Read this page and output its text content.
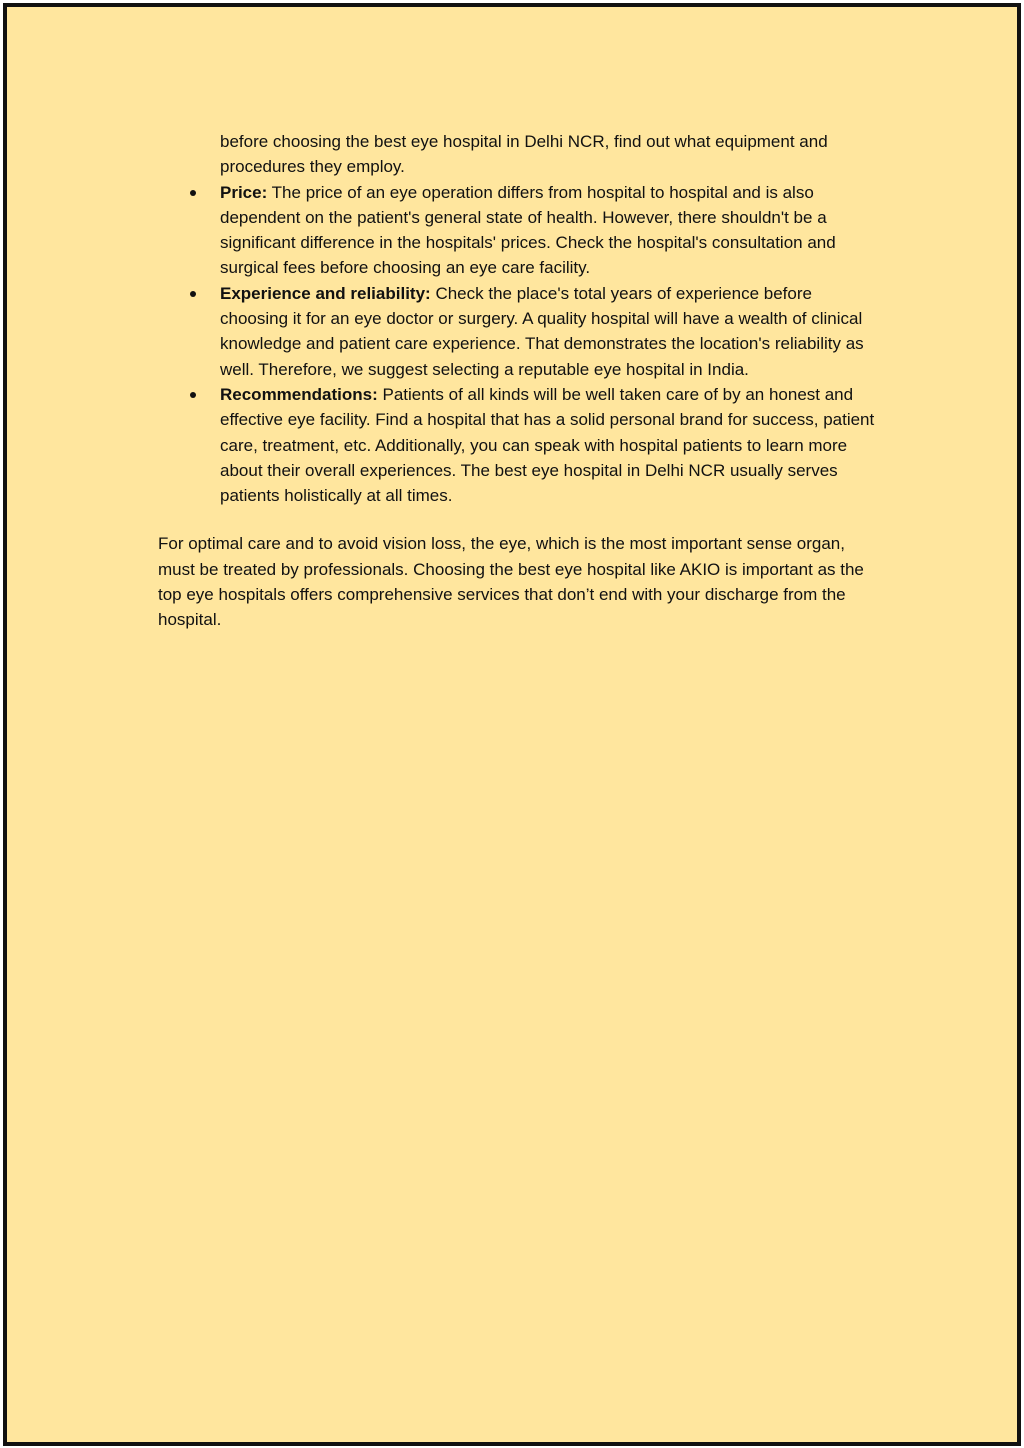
before choosing the best eye hospital in Delhi NCR, find out what equipment and procedures they employ.

Price: The price of an eye operation differs from hospital to hospital and is also dependent on the patient's general state of health. However, there shouldn't be a significant difference in the hospitals' prices. Check the hospital's consultation and surgical fees before choosing an eye care facility.
Experience and reliability: Check the place's total years of experience before choosing it for an eye doctor or surgery. A quality hospital will have a wealth of clinical knowledge and patient care experience. That demonstrates the location's reliability as well. Therefore, we suggest selecting a reputable eye hospital in India.
Recommendations: Patients of all kinds will be well taken care of by an honest and effective eye facility. Find a hospital that has a solid personal brand for success, patient care, treatment, etc. Additionally, you can speak with hospital patients to learn more about their overall experiences. The best eye hospital in Delhi NCR usually serves patients holistically at all times.

For optimal care and to avoid vision loss, the eye, which is the most important sense organ, must be treated by professionals. Choosing the best eye hospital like AKIO is important as the top eye hospitals offers comprehensive services that don’t end with your discharge from the hospital.
